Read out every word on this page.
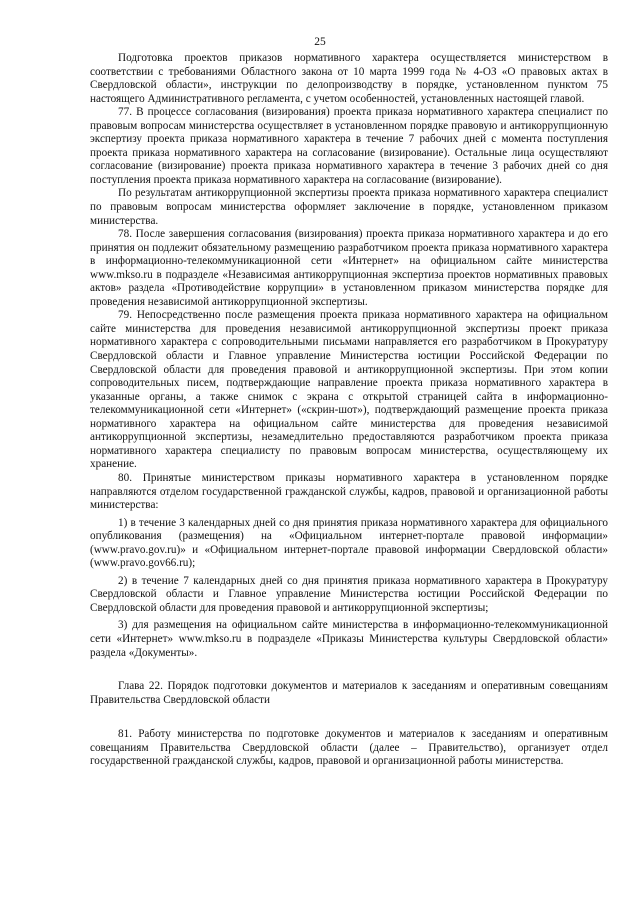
25

Подготовка проектов приказов нормативного характера осуществляется министерством в соответствии с требованиями Областного закона от 10 марта 1999 года № 4-ОЗ «О правовых актах в Свердловской области», инструкции по делопроизводству в порядке, установленном пунктом 75 настоящего Административного регламента, с учетом особенностей, установленных настоящей главой.

77. В процессе согласования (визирования) проекта приказа нормативного характера специалист по правовым вопросам министерства осуществляет в установленном порядке правовую и антикоррупционную экспертизу проекта приказа нормативного характера в течение 7 рабочих дней с момента поступления проекта приказа нормативного характера на согласование (визирование). Остальные лица осуществляют согласование (визирование) проекта приказа нормативного характера в течение 3 рабочих дней со дня поступления проекта приказа нормативного характера на согласование (визирование).

По результатам антикоррупционной экспертизы проекта приказа нормативного характера специалист по правовым вопросам министерства оформляет заключение в порядке, установленном приказом министерства.

78. После завершения согласования (визирования) проекта приказа нормативного характера и до его принятия он подлежит обязательному размещению разработчиком проекта приказа нормативного характера в информационно-телекоммуникационной сети «Интернет» на официальном сайте министерства www.mkso.ru в подразделе «Независимая антикоррупционная экспертиза проектов нормативных правовых актов» раздела «Противодействие коррупции» в установленном приказом министерства порядке для проведения независимой антикоррупционной экспертизы.

79. Непосредственно после размещения проекта приказа нормативного характера на официальном сайте министерства для проведения независимой антикоррупционной экспертизы проект приказа нормативного характера с сопроводительными письмами направляется его разработчиком в Прокуратуру Свердловской области и Главное управление Министерства юстиции Российской Федерации по Свердловской области для проведения правовой и антикоррупционной экспертизы. При этом копии сопроводительных писем, подтверждающие направление проекта приказа нормативного характера в указанные органы, а также снимок с экрана с открытой страницей сайта в информационно-телекоммуникационной сети «Интернет» («скрин-шот»), подтверждающий размещение проекта приказа нормативного характера на официальном сайте министерства для проведения независимой антикоррупционной экспертизы, незамедлительно предоставляются разработчиком проекта приказа нормативного характера специалисту по правовым вопросам министерства, осуществляющему их хранение.

80. Принятые министерством приказы нормативного характера в установленном порядке направляются отделом государственной гражданской службы, кадров, правовой и организационной работы министерства:

1) в течение 3 календарных дней со дня принятия приказа нормативного характера для официального опубликования (размещения) на «Официальном интернет-портале правовой информации» (www.pravo.gov.ru)» и «Официальном интернет-портале правовой информации Свердловской области» (www.pravo.gov66.ru);

2) в течение 7 календарных дней со дня принятия приказа нормативного характера в Прокуратуру Свердловской области и Главное управление Министерства юстиции Российской Федерации по Свердловской области для проведения правовой и антикоррупционной экспертизы;

3) для размещения на официальном сайте министерства в информационно-телекоммуникационной сети «Интернет» www.mkso.ru в подразделе «Приказы Министерства культуры Свердловской области» раздела «Документы».

Глава 22. Порядок подготовки документов и материалов к заседаниям и оперативным совещаниям Правительства Свердловской области

81. Работу министерства по подготовке документов и материалов к заседаниям и оперативным совещаниям Правительства Свердловской области (далее – Правительство), организует отдел государственной гражданской службы, кадров, правовой и организационной работы министерства.
